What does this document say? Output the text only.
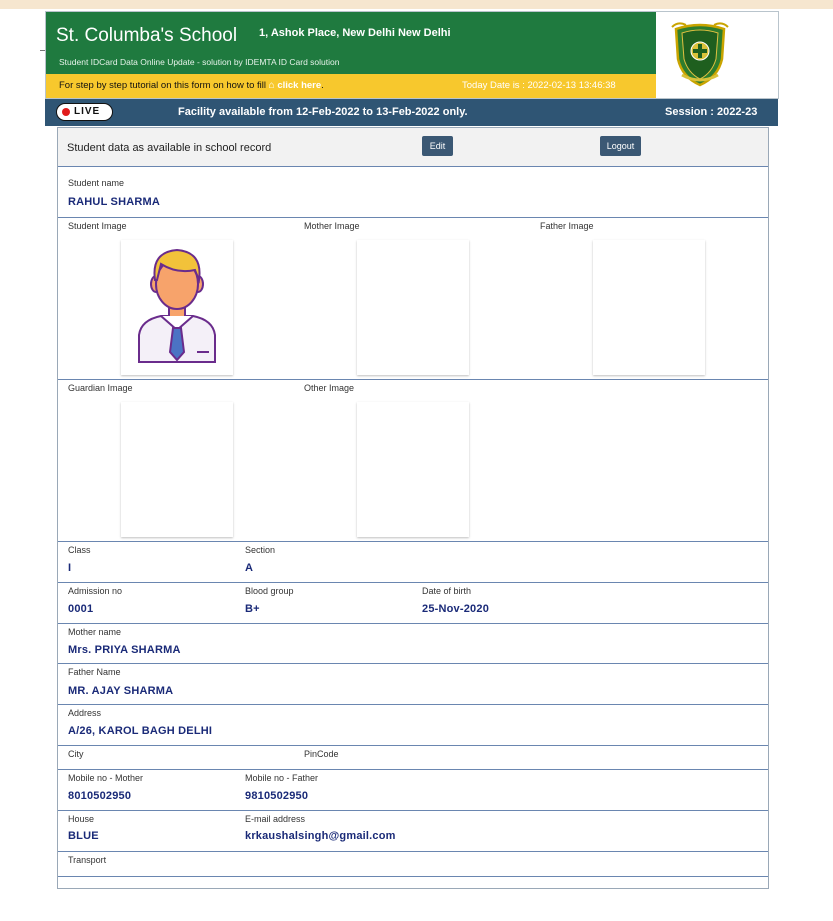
St. Columba's School 1, Ashok Place, New Delhi New Delhi
Student IDCard Data Online Update - solution by IDEMTA ID Card solution
For step by step tutorial on this form on how to fill ⌂ click here.	Today Date is : 2022-02-13 13:46:38
LIVE	Facility available from 12-Feb-2022 to 13-Feb-2022 only.	Session : 2022-23
Student data as available in school record	Edit	Logout
Student name
RAHUL SHARMA
Student Image	Mother Image	Father Image
Guardian Image	Other Image
Class
I
Section
A
Admission no
0001
Blood group
B+
Date of birth
25-Nov-2020
Mother name
Mrs. PRIYA SHARMA
Father Name
MR. AJAY SHARMA
Address
A/26, KAROL BAGH DELHI
City	PinCode
Mobile no - Mother
8010502950
Mobile no - Father
9810502950
House
BLUE
E-mail address
krkaushalsingh@gmail.com
Transport
